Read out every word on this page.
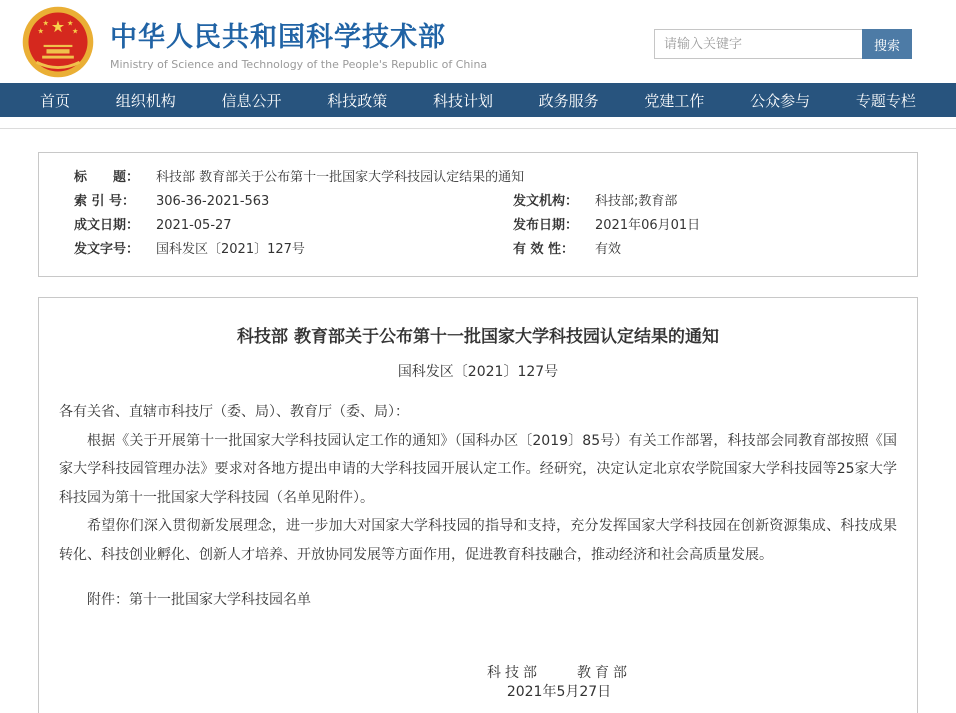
★
★ ★
★	★ 中华人民共和国科学技术部
Ministry of Science and Technology of the People's Republic of China
请输入关键字
搜索
首页	组织机构	信息公开	科技政策	科技计划	政务服务	党建工作	公众参与	专题专栏
标　　题：	科技部 教育部关于公布第十一批国家大学科技园认定结果的通知
索 引 号：	306-36-2021-563	发文机构：	科技部;教育部
成文日期：	2021-05-27	发布日期：	2021年06月01日
发文字号：	国科发区〔2021〕127号	有 效 性：	有效
科技部 教育部关于公布第十一批国家大学科技园认定结果的通知
国科发区〔2021〕127号

各有关省、直辖市科技厅（委、局）、教育厅（委、局）：

根据《关于开展第十一批国家大学科技园认定工作的通知》（国科办区〔2019〕85号）有关工作部署，科技部会同教育部按照《国家大学科技园管理办法》要求对各地方提出申请的大学科技园开展认定工作。经研究，决定认定北京农学院国家大学科技园等25家大学科技园为第十一批国家大学科技园（名单见附件）。

希望你们深入贯彻新发展理念，进一步加大对国家大学科技园的指导和支持，充分发挥国家大学科技园在创新资源集成、科技成果转化、科技创业孵化、创新人才培养、开放协同发展等方面作用，促进教育科技融合，推动经济和社会高质量发展。

附件：第十一批国家大学科技园名单
科技部　　教育部
2021年5月27日
